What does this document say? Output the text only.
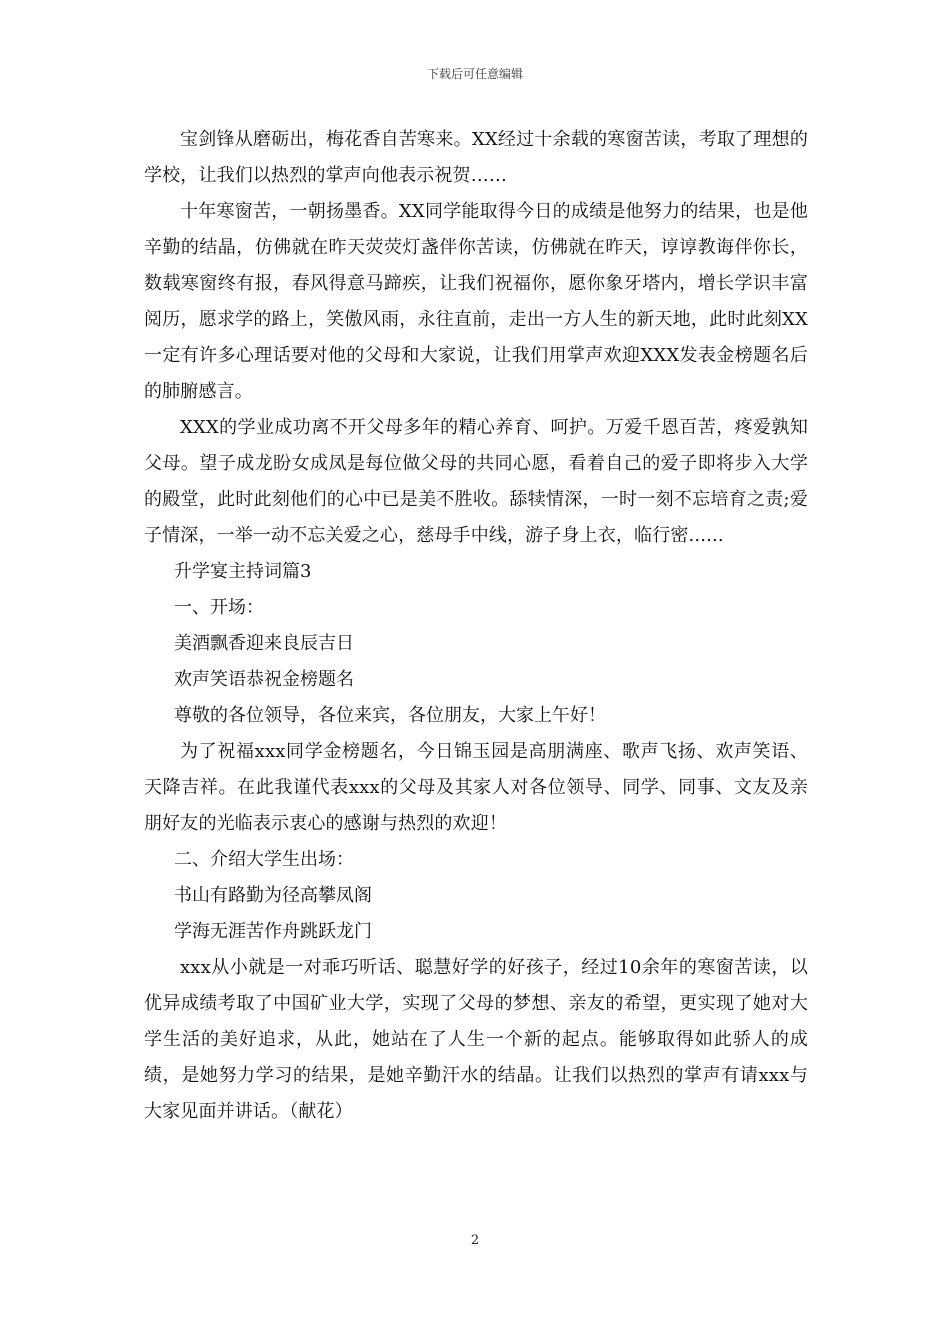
下载后可任意编辑

宝剑锋从磨砺出，梅花香自苦寒来。XX经过十余载的寒窗苦读，考取了理想的学校，让我们以热烈的掌声向他表示祝贺……

十年寒窗苦，一朝扬墨香。XX同学能取得今日的成绩是他努力的结果，也是他辛勤的结晶，仿佛就在昨天荧荧灯盏伴你苦读，仿佛就在昨天，谆谆教诲伴你长，数载寒窗终有报，春风得意马蹄疾，让我们祝福你，愿你象牙塔内，增长学识丰富阅历，愿求学的路上，笑傲风雨，永往直前，走出一方人生的新天地，此时此刻XX一定有许多心理话要对他的父母和大家说，让我们用掌声欢迎XXX发表金榜题名后的肺腑感言。

XXX的学业成功离不开父母多年的精心养育、呵护。万爱千恩百苦，疼爱孰知父母。望子成龙盼女成凤是每位做父母的共同心愿，看着自己的爱子即将步入大学的殿堂，此时此刻他们的心中已是美不胜收。舔犊情深，一时一刻不忘培育之责;爱子情深，一举一动不忘关爱之心，慈母手中线，游子身上衣，临行密......

升学宴主持词篇3

一、开场：

美酒飘香迎来良辰吉日

欢声笑语恭祝金榜题名

尊敬的各位领导，各位来宾，各位朋友，大家上午好！

为了祝福xxx同学金榜题名，今日锦玉园是高朋满座、歌声飞扬、欢声笑语、天降吉祥。在此我谨代表xxx的父母及其家人对各位领导、同学、同事、文友及亲朋好友的光临表示衷心的感谢与热烈的欢迎！

二、介绍大学生出场：

书山有路勤为径高攀凤阁

学海无涯苦作舟跳跃龙门

xxx从小就是一对乖巧听话、聪慧好学的好孩子，经过10余年的寒窗苦读，以优异成绩考取了中国矿业大学，实现了父母的梦想、亲友的希望，更实现了她对大学生活的美好追求，从此，她站在了人生一个新的起点。能够取得如此骄人的成绩，是她努力学习的结果，是她辛勤汗水的结晶。让我们以热烈的掌声有请xxx与大家见面并讲话。（献花）

2
